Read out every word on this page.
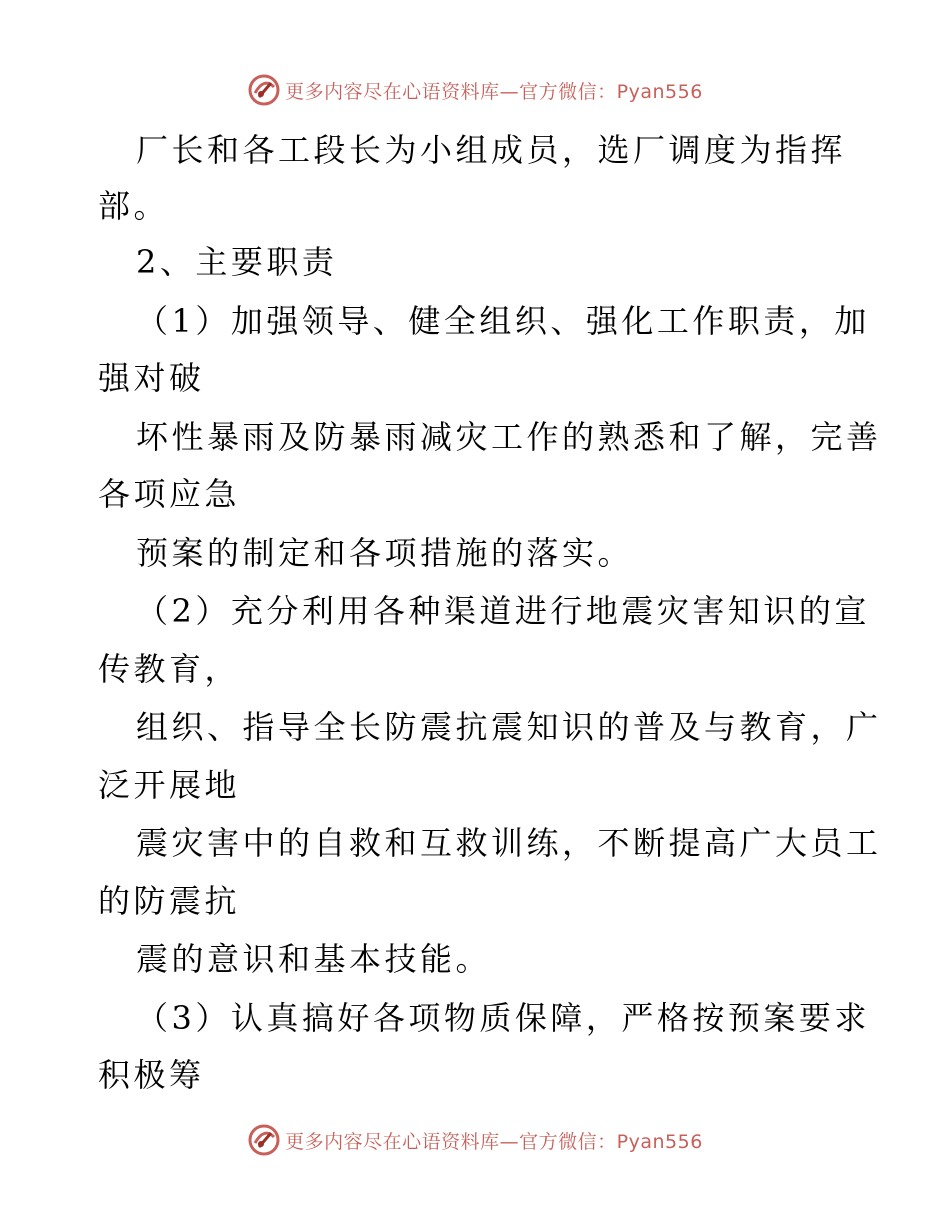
更多内容尽在心语资料库—官方微信：Pyan556
厂长和各工段长为小组成员，选厂调度为指挥
部。
2、主要职责
（1）加强领导、健全组织、强化工作职责，加
强对破
坏性暴雨及防暴雨减灾工作的熟悉和了解，完善
各项应急
预案的制定和各项措施的落实。
（2）充分利用各种渠道进行地震灾害知识的宣
传教育，
组织、指导全长防震抗震知识的普及与教育，广
泛开展地
震灾害中的自救和互救训练，不断提高广大员工
的防震抗
震的意识和基本技能。
（3）认真搞好各项物质保障，严格按预案要求
积极筹
更多内容尽在心语资料库—官方微信：Pyan556
